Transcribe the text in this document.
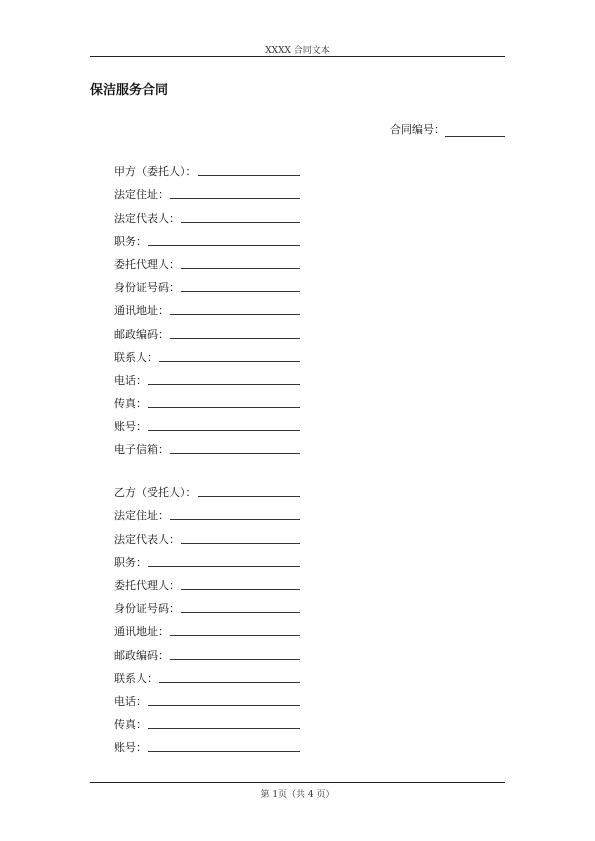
XXXX 合同文本
保洁服务合同
合同编号：
甲方（委托人）：
法定住址：
法定代表人：
职务：
委托代理人：
身份证号码：
通讯地址：
邮政编码：
联系人：
电话：
传真：
账号：
电子信箱：
乙方（受托人）：
法定住址：
法定代表人：
职务：
委托代理人：
身份证号码：
通讯地址：
邮政编码：
联系人：
电话：
传真：
账号：
第 1页（共 4 页）
